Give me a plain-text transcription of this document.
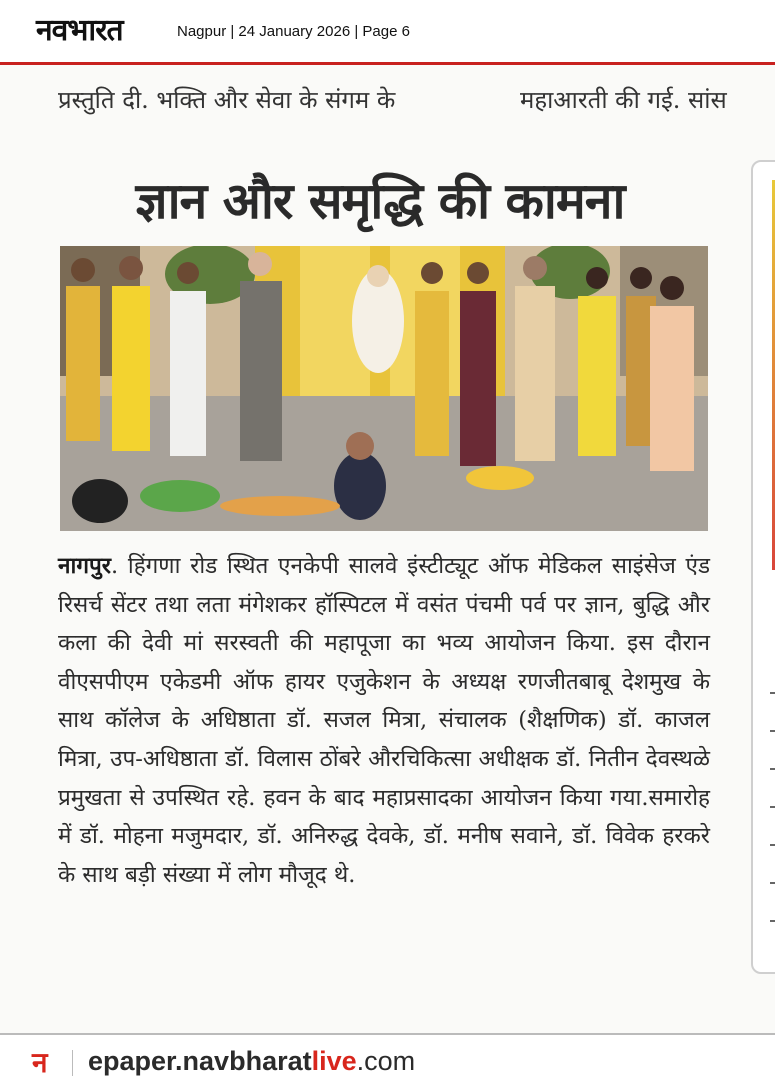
नवभारत	Nagpur | 24 January 2026 | Page 6
प्रस्तुति दी. भक्ति और सेवा के संगम के	महाआरती की गई. सांस
ज्ञान और समृद्धि की कामना
नागपुर. हिंगणा रोड स्थित एनकेपी सालवे इंस्टीट्यूट ऑफ मेडिकल साइंसेज एंड रिसर्च सेंटर तथा लता मंगेशकर हॉस्पिटल में वसंत पंचमी पर्व पर ज्ञान, बुद्धि और कला की देवी मां सरस्वती की महापूजा का भव्य आयोजन किया. इस दौरान वीएसपीएम एकेडमी ऑफ हायर एजुकेशन के अध्यक्ष रणजीतबाबू देशमुख के साथ कॉलेज के अधिष्ठाता डॉ. सजल मित्रा, संचालक (शैक्षणिक) डॉ. काजल मित्रा, उप-अधिष्ठाता डॉ. विलास ठोंबरे औरचिकित्सा अधीक्षक डॉ. नितीन देवस्थळे प्रमुखता से उपस्थित रहे. हवन के बाद महाप्रसादका आयोजन किया गया.समारोह में डॉ. मोहना मजुमदार, डॉ. अनिरुद्ध देवके, डॉ. मनीष सवाने, डॉ. विवेक हरकरे के साथ बड़ी संख्या में लोग मौजूद थे.
न	epaper.navbharatlive.com
